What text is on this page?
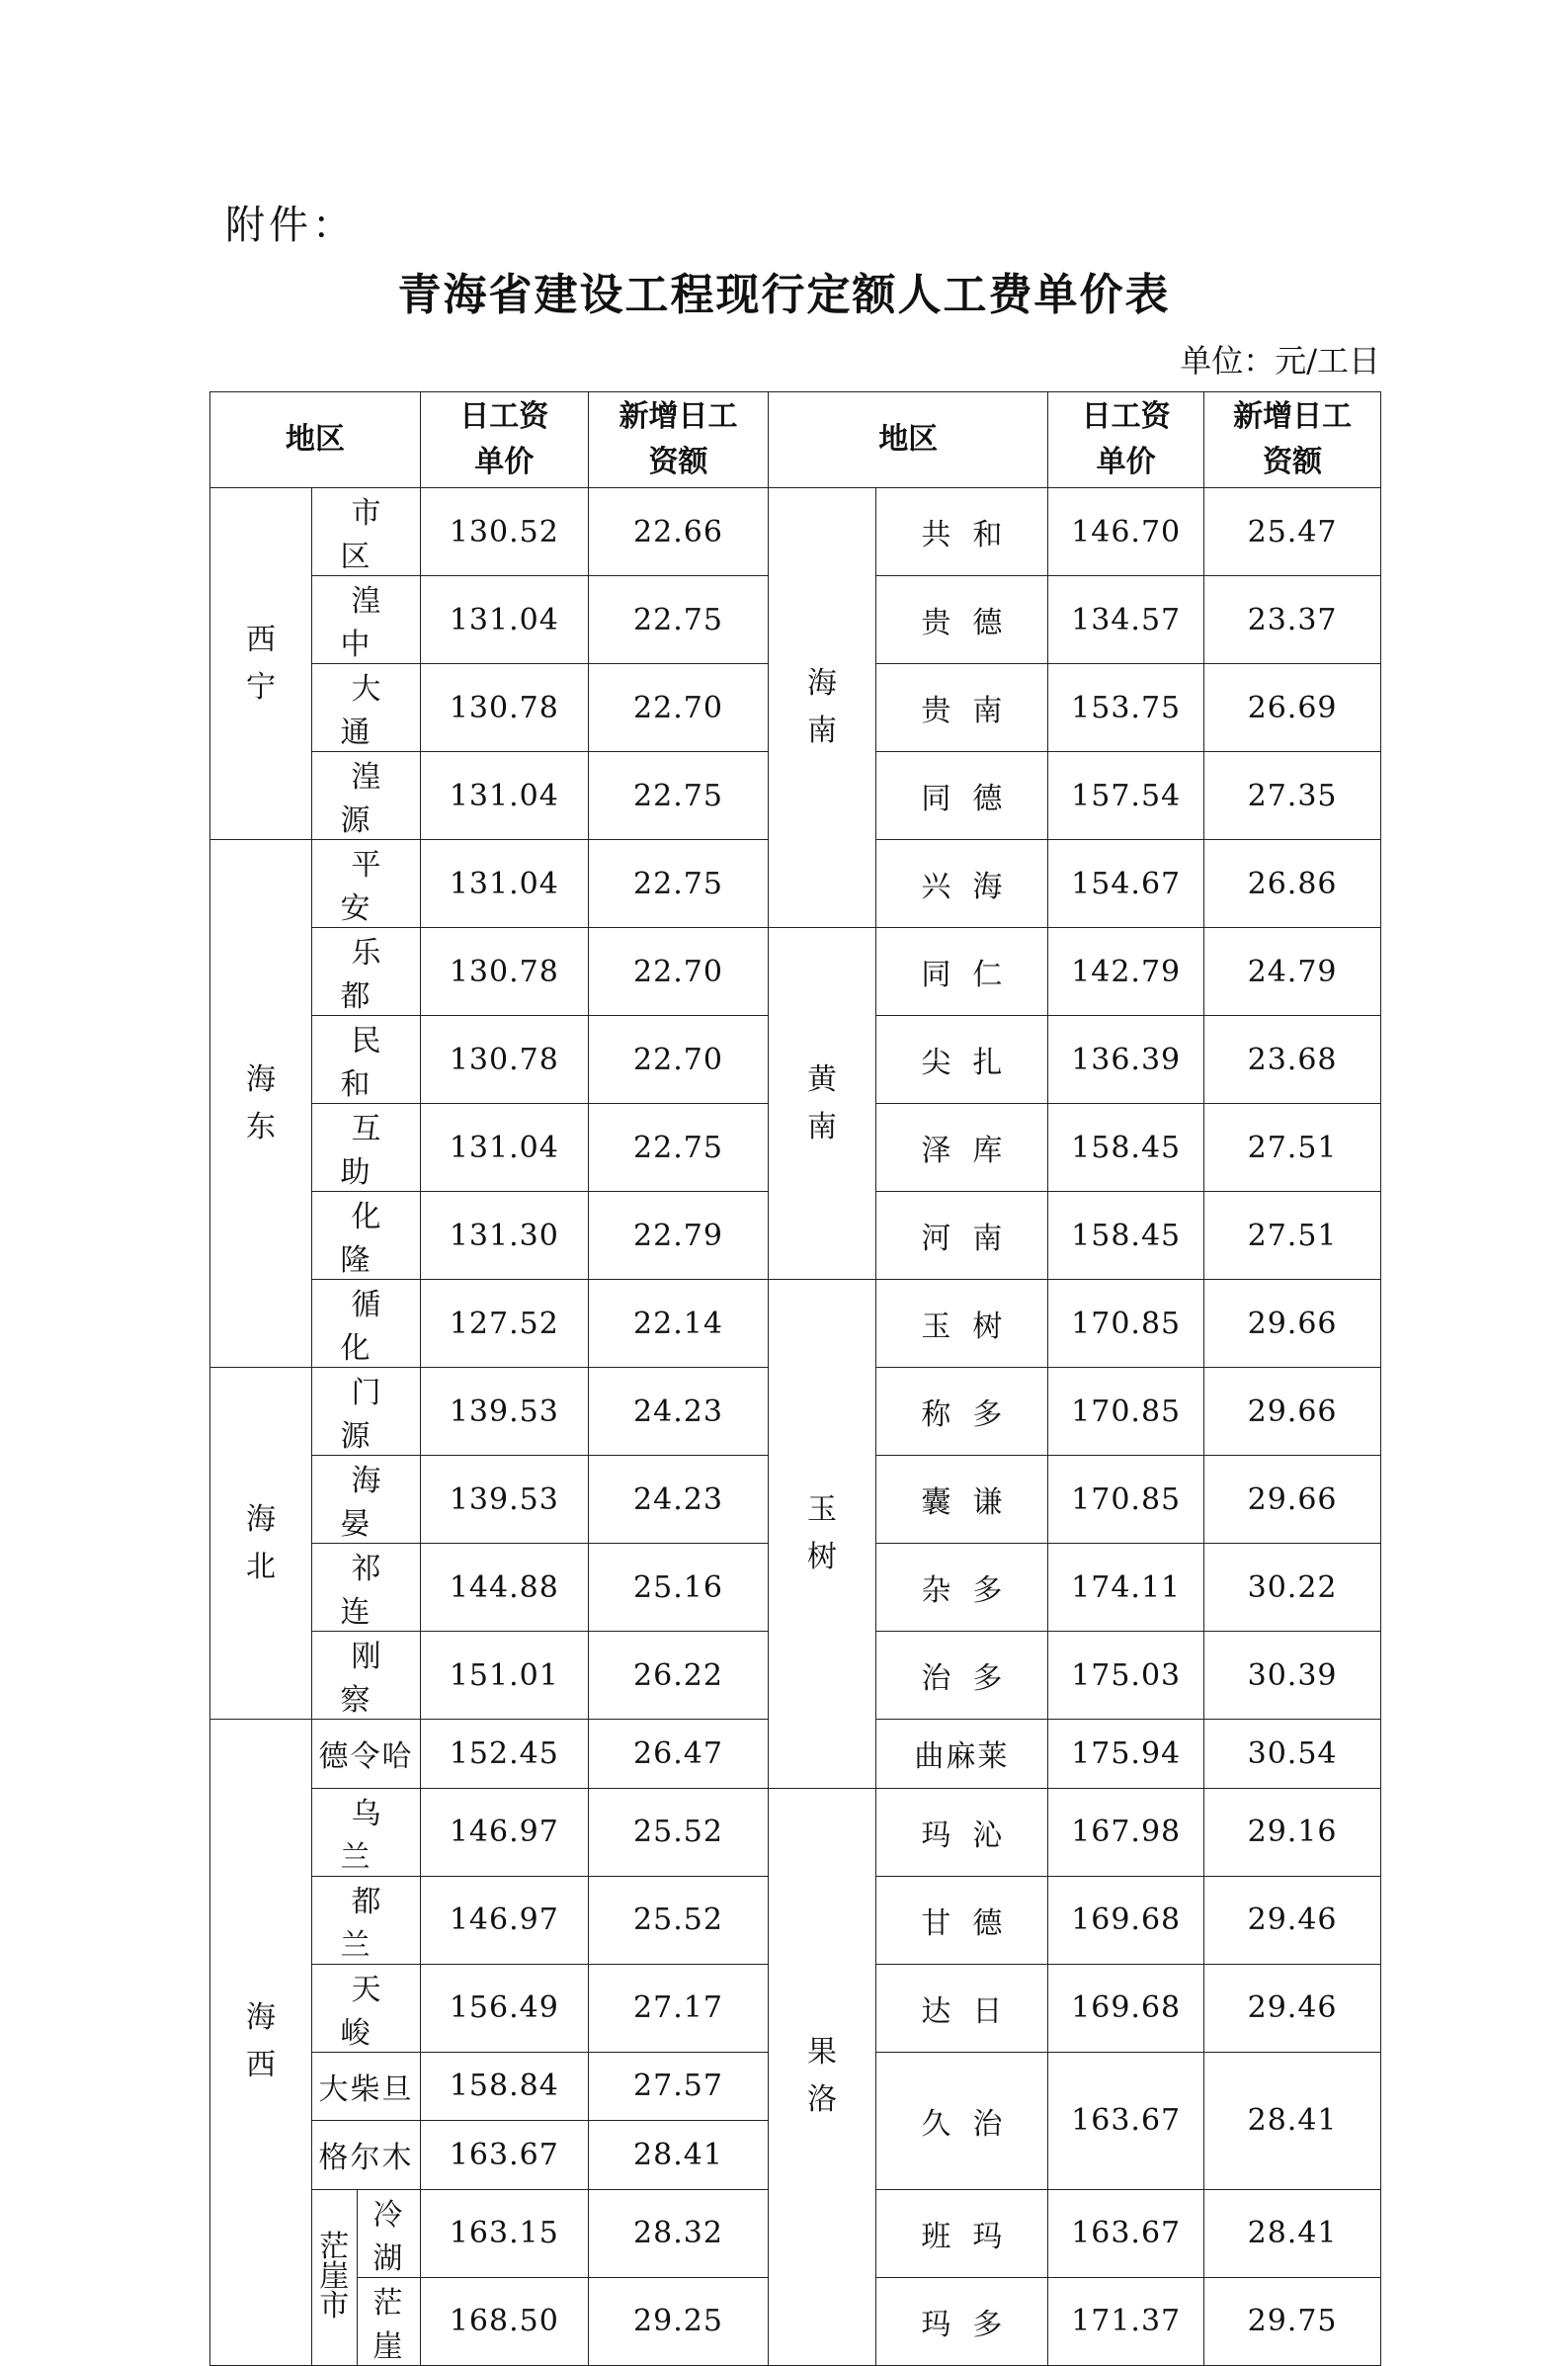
附件：
青海省建设工程现行定额人工费单价表
单位：元/工日
地区			日工资单价	新增日工资额	地区		日工资单价	新增日工资额
西宁	市区		130.52	22.66	海南	共和	146.70	25.47
	湟中		131.04	22.75		贵德	134.57	23.37
	大通		130.78	22.70		贵南	153.75	26.69
	湟源		131.04	22.75		同德	157.54	27.35
海东	平安		131.04	22.75		兴海	154.67	26.86
	乐都		130.78	22.70	黄南	同仁	142.79	24.79
	民和		130.78	22.70		尖扎	136.39	23.68
	互助		131.04	22.75		泽库	158.45	27.51
	化隆		131.30	22.79		河南	158.45	27.51
	循化		127.52	22.14	玉树	玉树	170.85	29.66
海北	门源		139.53	24.23		称多	170.85	29.66
	海晏		139.53	24.23		囊谦	170.85	29.66
	祁连		144.88	25.16		杂多	174.11	30.22
	刚察		151.01	26.22		治多	175.03	30.39
海西	德令哈		152.45	26.47		曲麻莱	175.94	30.54
	乌兰		146.97	25.52	果洛	玛沁	167.98	29.16
	都兰		146.97	25.52		甘德	169.68	29.46
	天峻		156.49	27.17		达日	169.68	29.46
	大柴旦		158.84	27.57		久治	163.67	28.41
	格尔木		163.67	28.41				
	茫崖市	冷湖	163.15	28.32		班玛	163.67	28.41
		茫崖	168.50	29.25		玛多	171.37	29.75
